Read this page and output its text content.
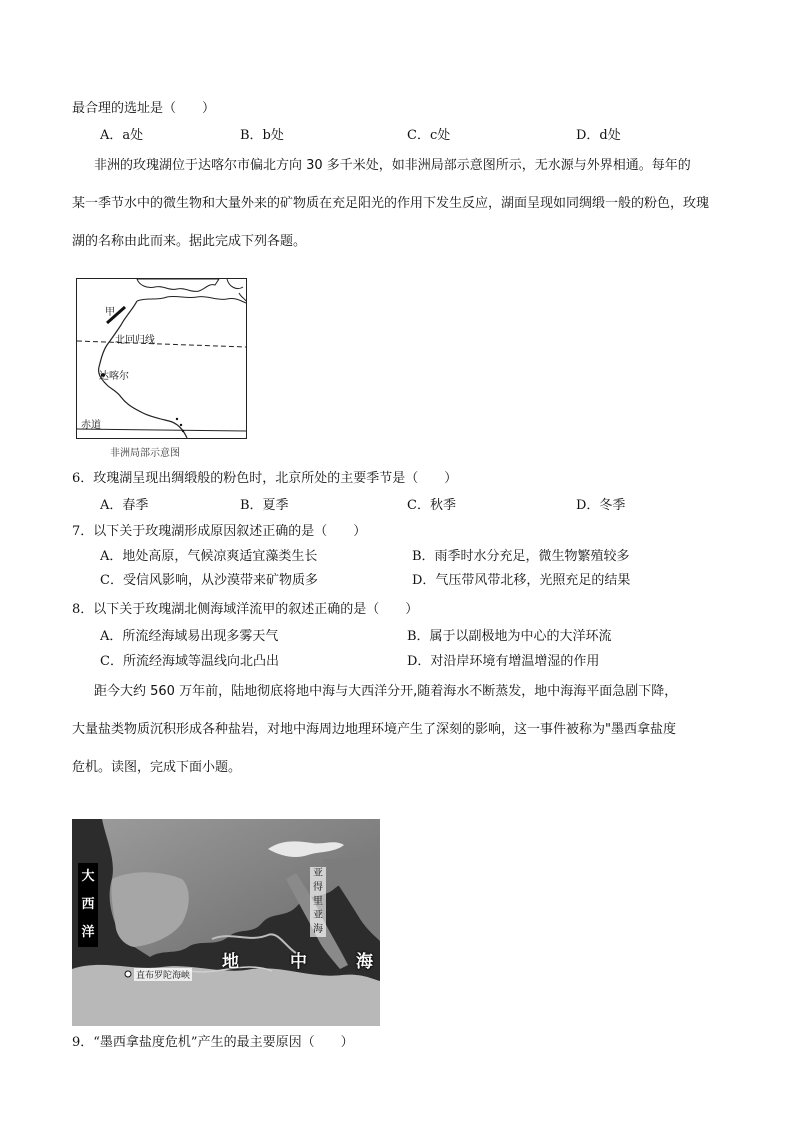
最合理的选址是（　　）
A．a处	B．b处	C．c处	D．d处
非洲的玫瑰湖位于达喀尔市偏北方向 30 多千米处，如非洲局部示意图所示，无水源与外界相通。每年的
某一季节水中的微生物和大量外来的矿物质在充足阳光的作用下发生反应，湖面呈现如同绸缎一般的粉色，玫瑰
湖的名称由此而来。据此完成下列各题。
甲
北回归线
达喀尔
赤道
非洲局部示意图
6．玫瑰湖呈现出绸缎般的粉色时，北京所处的主要季节是（　　）
A．春季	B．夏季	C．秋季	D．冬季
7．以下关于玫瑰湖形成原因叙述正确的是（　　）
A．地处高原，气候凉爽适宜藻类生长	B．雨季时水分充足，微生物繁殖较多
C．受信风影响，从沙漠带来矿物质多	D．气压带风带北移，光照充足的结果
8．以下关于玫瑰湖北侧海域洋流甲的叙述正确的是（　　）
A．所流经海域易出现多雾天气	B．属于以副极地为中心的大洋环流
C．所流经海域等温线向北凸出	D．对沿岸环境有增温增湿的作用
距今大约 560 万年前，陆地彻底将地中海与大西洋分开,随着海水不断蒸发，地中海海平面急剧下降，
大量盐类物质沉积形成各种盐岩，对地中海周边地理环境产生了深刻的影响，这一事件被称为"墨西拿盐度
危机。读图，完成下面小题。
大
西
洋
亚
得
里
亚
海
地	中	海
直布罗陀海峡
9．“墨西拿盐度危机”产生的最主要原因（　　）
